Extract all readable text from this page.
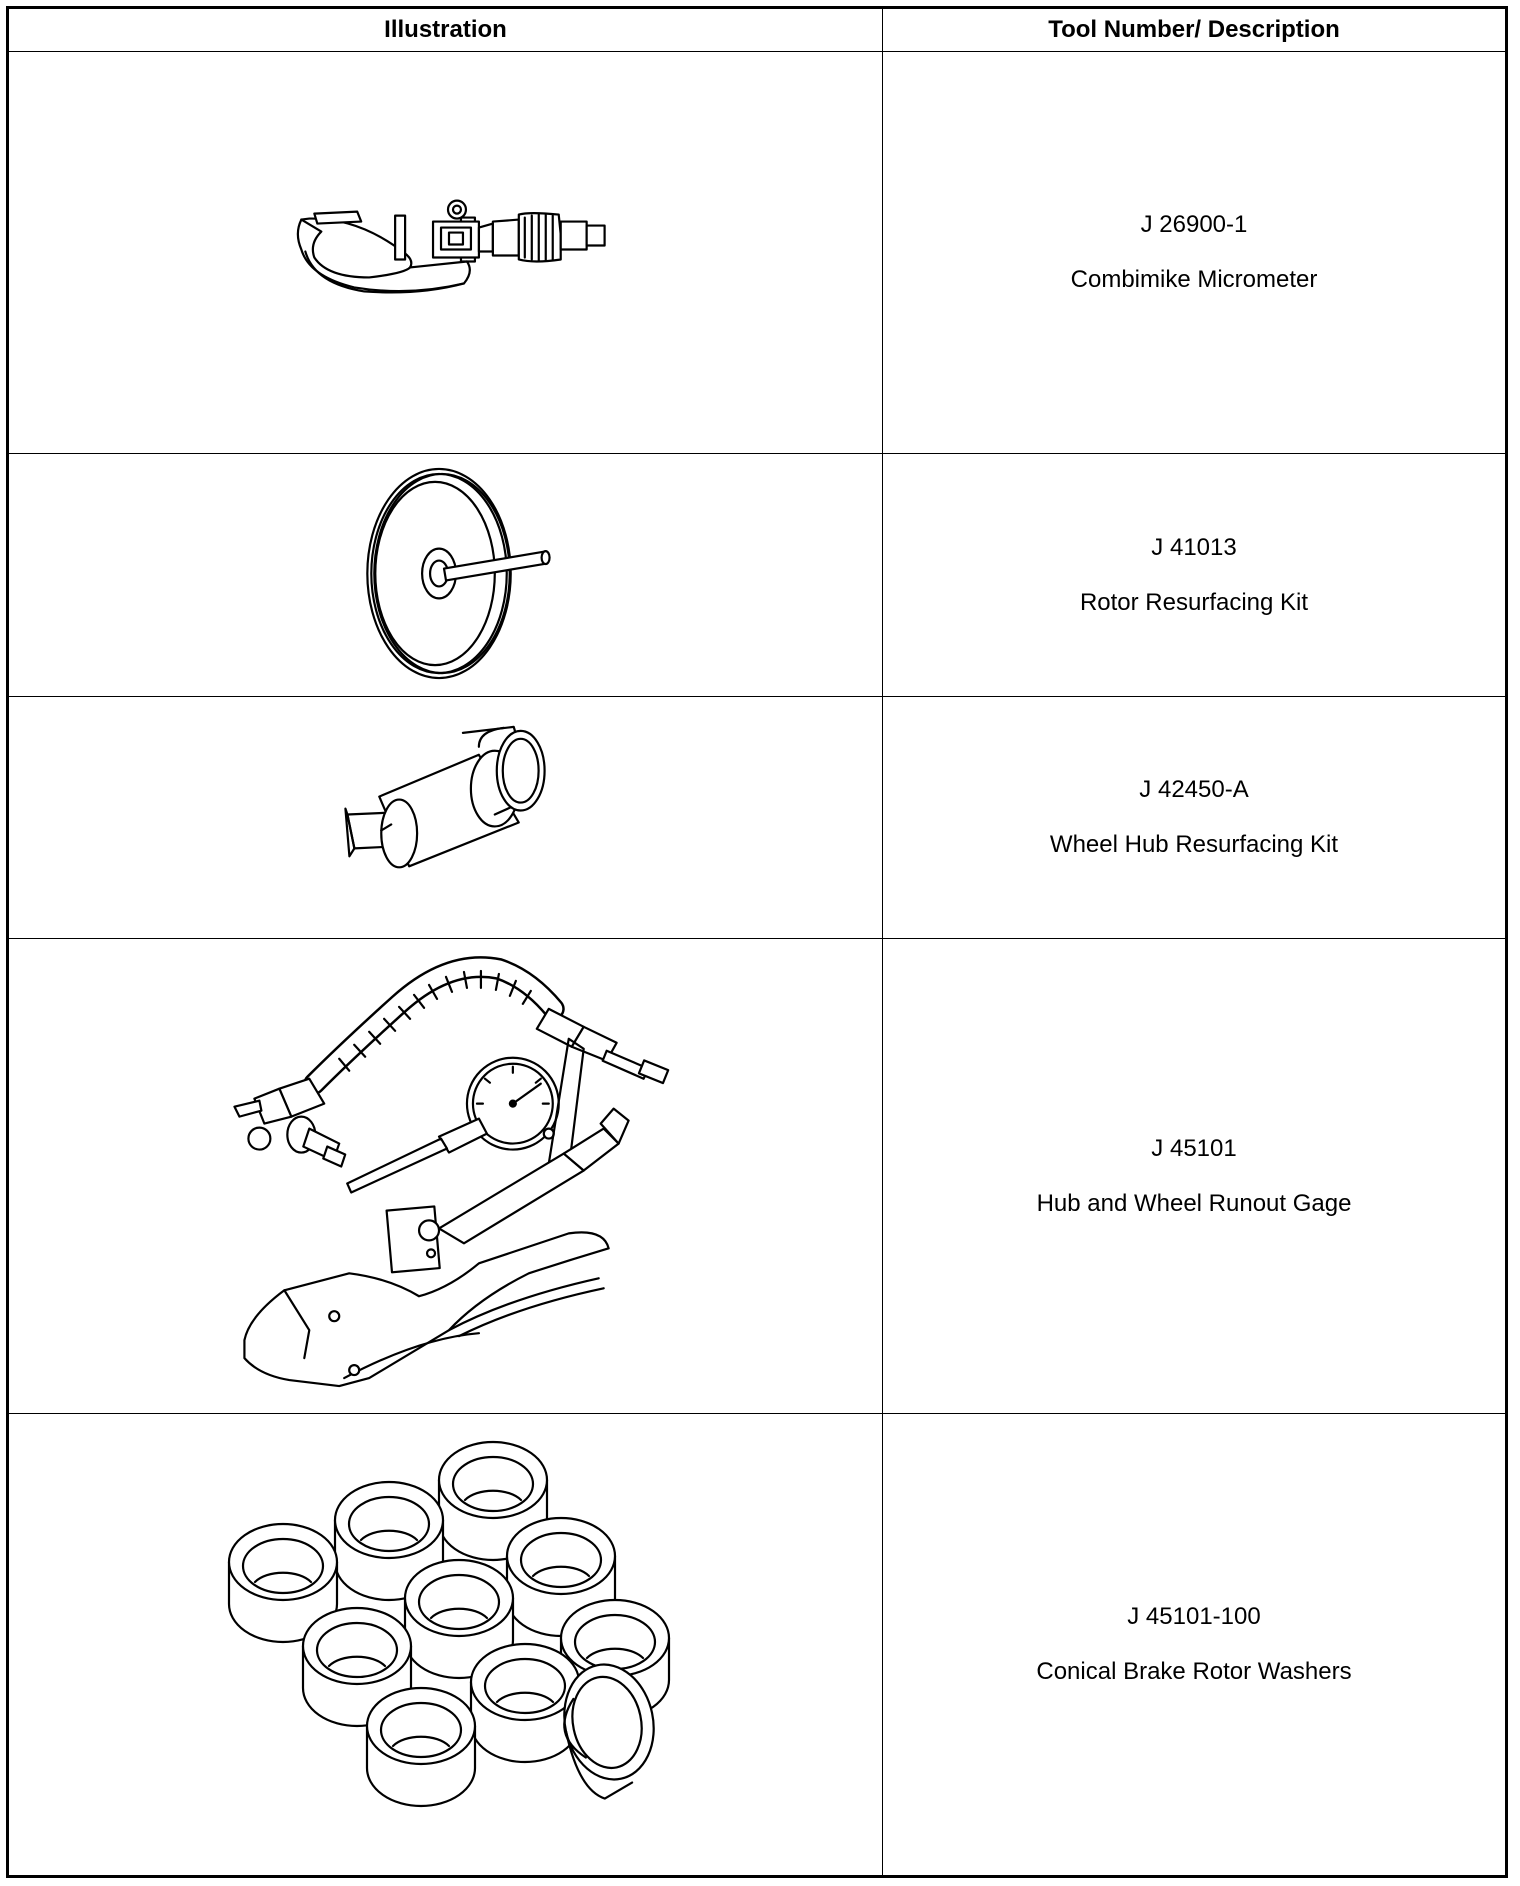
Illustration	Tool Number/ Description
J 26900-1
Combimike Micrometer
J 41013
Rotor Resurfacing Kit
J 42450-A
Wheel Hub Resurfacing Kit
J 45101
Hub and Wheel Runout Gage
J 45101-100
Conical Brake Rotor Washers
